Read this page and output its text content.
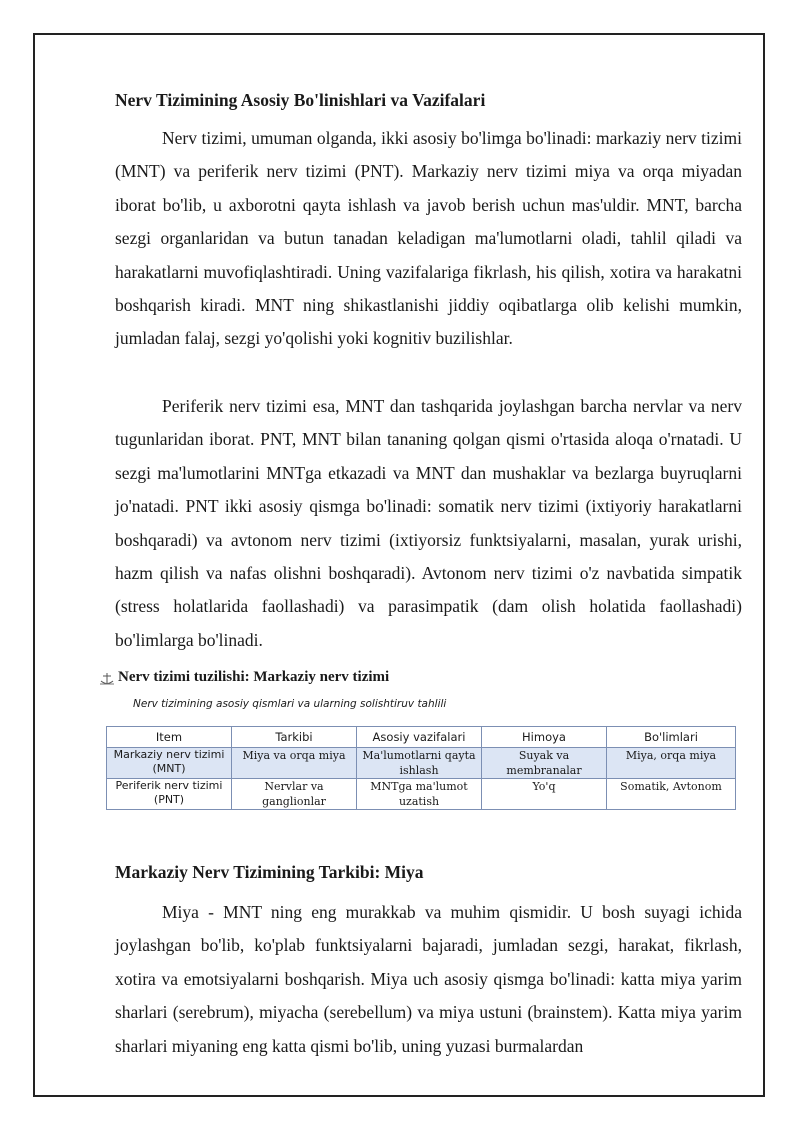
Nerv Tizimining Asosiy Bo'linishlari va Vazifalari

Nerv tizimi, umuman olganda, ikki asosiy bo'limga bo'linadi: markaziy nerv tizimi (MNT) va periferik nerv tizimi (PNT). Markaziy nerv tizimi miya va orqa miyadan iborat bo'lib, u axborotni qayta ishlash va javob berish uchun mas'uldir. MNT, barcha sezgi organlaridan va butun tanadan keladigan ma'lumotlarni oladi, tahlil qiladi va harakatlarni muvofiqlashtiradi. Uning vazifalariga fikrlash, his qilish, xotira va harakatni boshqarish kiradi. MNT ning shikastlanishi jiddiy oqibatlarga olib kelishi mumkin, jumladan falaj, sezgi yo'qolishi yoki kognitiv buzilishlar.

Periferik nerv tizimi esa, MNT dan tashqarida joylashgan barcha nervlar va nerv tugunlaridan iborat. PNT, MNT bilan tananing qolgan qismi o'rtasida aloqa o'rnatadi. U sezgi ma'lumotlarini MNTga etkazadi va MNT dan mushaklar va bezlarga buyruqlarni jo'natadi. PNT ikki asosiy qismga bo'linadi: somatik nerv tizimi (ixtiyoriy harakatlarni boshqaradi) va avtonom nerv tizimi (ixtiyorsiz funktsiyalarni, masalan, yurak urishi, hazm qilish va nafas olishni boshqaradi). Avtonom nerv tizimi o'z navbatida simpatik (stress holatlarida faollashadi) va parasimpatik (dam olish holatida faollashadi) bo'limlarga bo'linadi.

Nerv tizimi tuzilishi: Markaziy nerv tizimi
Nerv tizimining asosiy qismlari va ularning solishtiruv tahlili
Item	Tarkibi	Asosiy vazifalari	Himoya	Bo'limlari
Markaziy nerv tizimi (MNT)	Miya va orqa miya	Ma'lumotlarni qayta ishlash	Suyak va membranalar	Miya, orqa miya
Periferik nerv tizimi (PNT)	Nervlar va ganglionlar	MNTga ma'lumot uzatish	Yo'q	Somatik, Avtonom
Markaziy Nerv Tizimining Tarkibi: Miya

Miya - MNT ning eng murakkab va muhim qismidir. U bosh suyagi ichida joylashgan bo'lib, ko'plab funktsiyalarni bajaradi, jumladan sezgi, harakat, fikrlash, xotira va emotsiyalarni boshqarish. Miya uch asosiy qismga bo'linadi: katta miya yarim sharlari (serebrum), miyacha (serebellum) va miya ustuni (brainstem). Katta miya yarim sharlari miyaning eng katta qismi bo'lib, uning yuzasi burmalardan
